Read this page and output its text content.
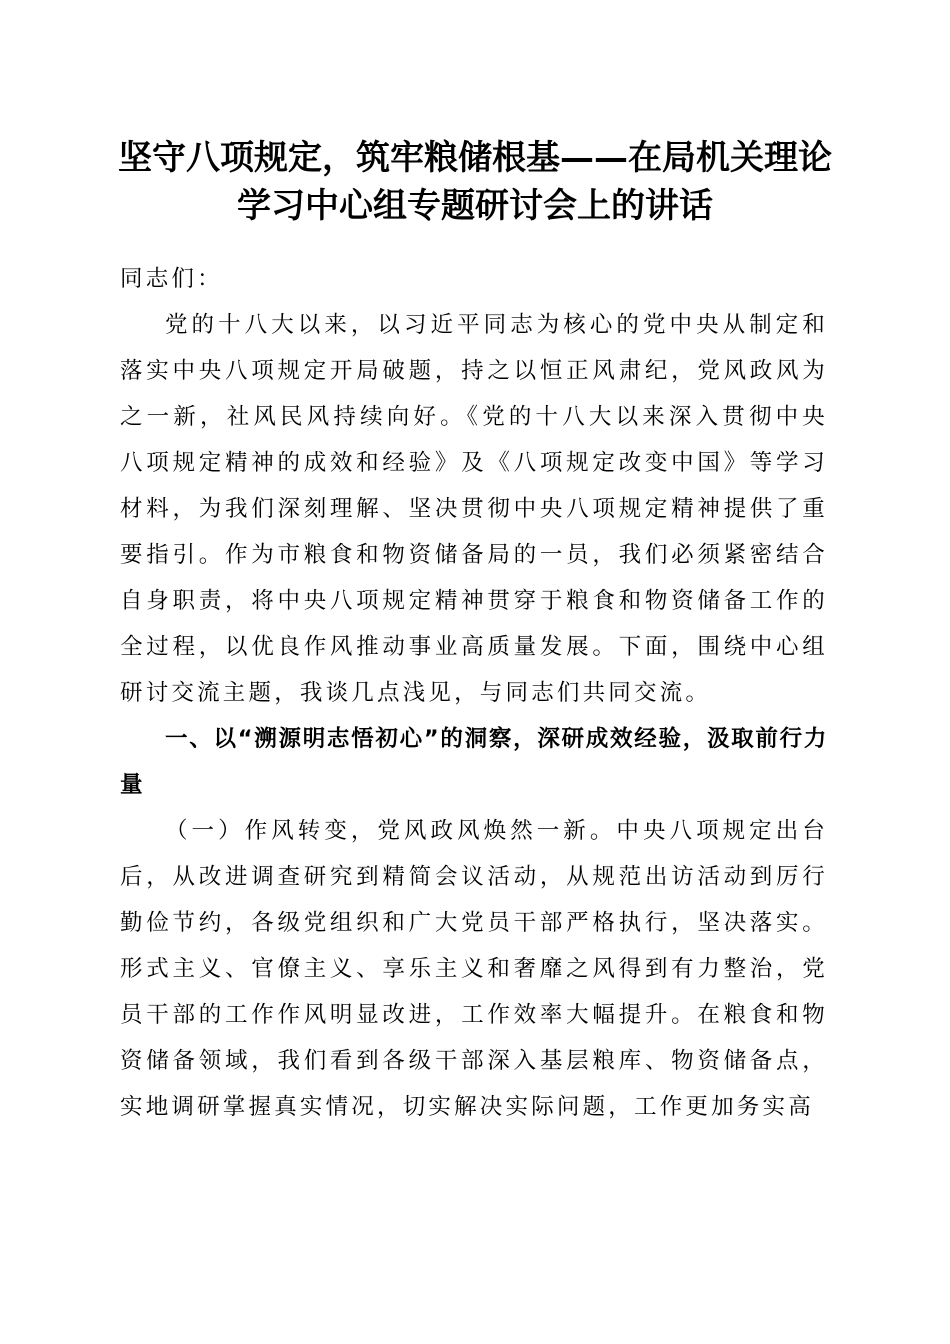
坚守八项规定，筑牢粮储根基——在局机关理论学习中心组专题研讨会上的讲话

同志们：

党的十八大以来，以习近平同志为核心的党中央从制定和落实中央八项规定开局破题，持之以恒正风肃纪，党风政风为之一新，社风民风持续向好。《党的十八大以来深入贯彻中央八项规定精神的成效和经验》及《八项规定改变中国》等学习材料，为我们深刻理解、坚决贯彻中央八项规定精神提供了重要指引。作为市粮食和物资储备局的一员，我们必须紧密结合自身职责，将中央八项规定精神贯穿于粮食和物资储备工作的全过程，以优良作风推动事业高质量发展。下面，围绕中心组研讨交流主题，我谈几点浅见，与同志们共同交流。

一、以“溯源明志悟初心”的洞察，深研成效经验，汲取前行力量

（一）作风转变，党风政风焕然一新。中央八项规定出台后，从改进调查研究到精简会议活动，从规范出访活动到厉行勤俭节约，各级党组织和广大党员干部严格执行，坚决落实。形式主义、官僚主义、享乐主义和奢靡之风得到有力整治，党员干部的工作作风明显改进，工作效率大幅提升。在粮食和物资储备领域，我们看到各级干部深入基层粮库、物资储备点，实地调研掌握真实情况，切实解决实际问题，工作更加务实高
